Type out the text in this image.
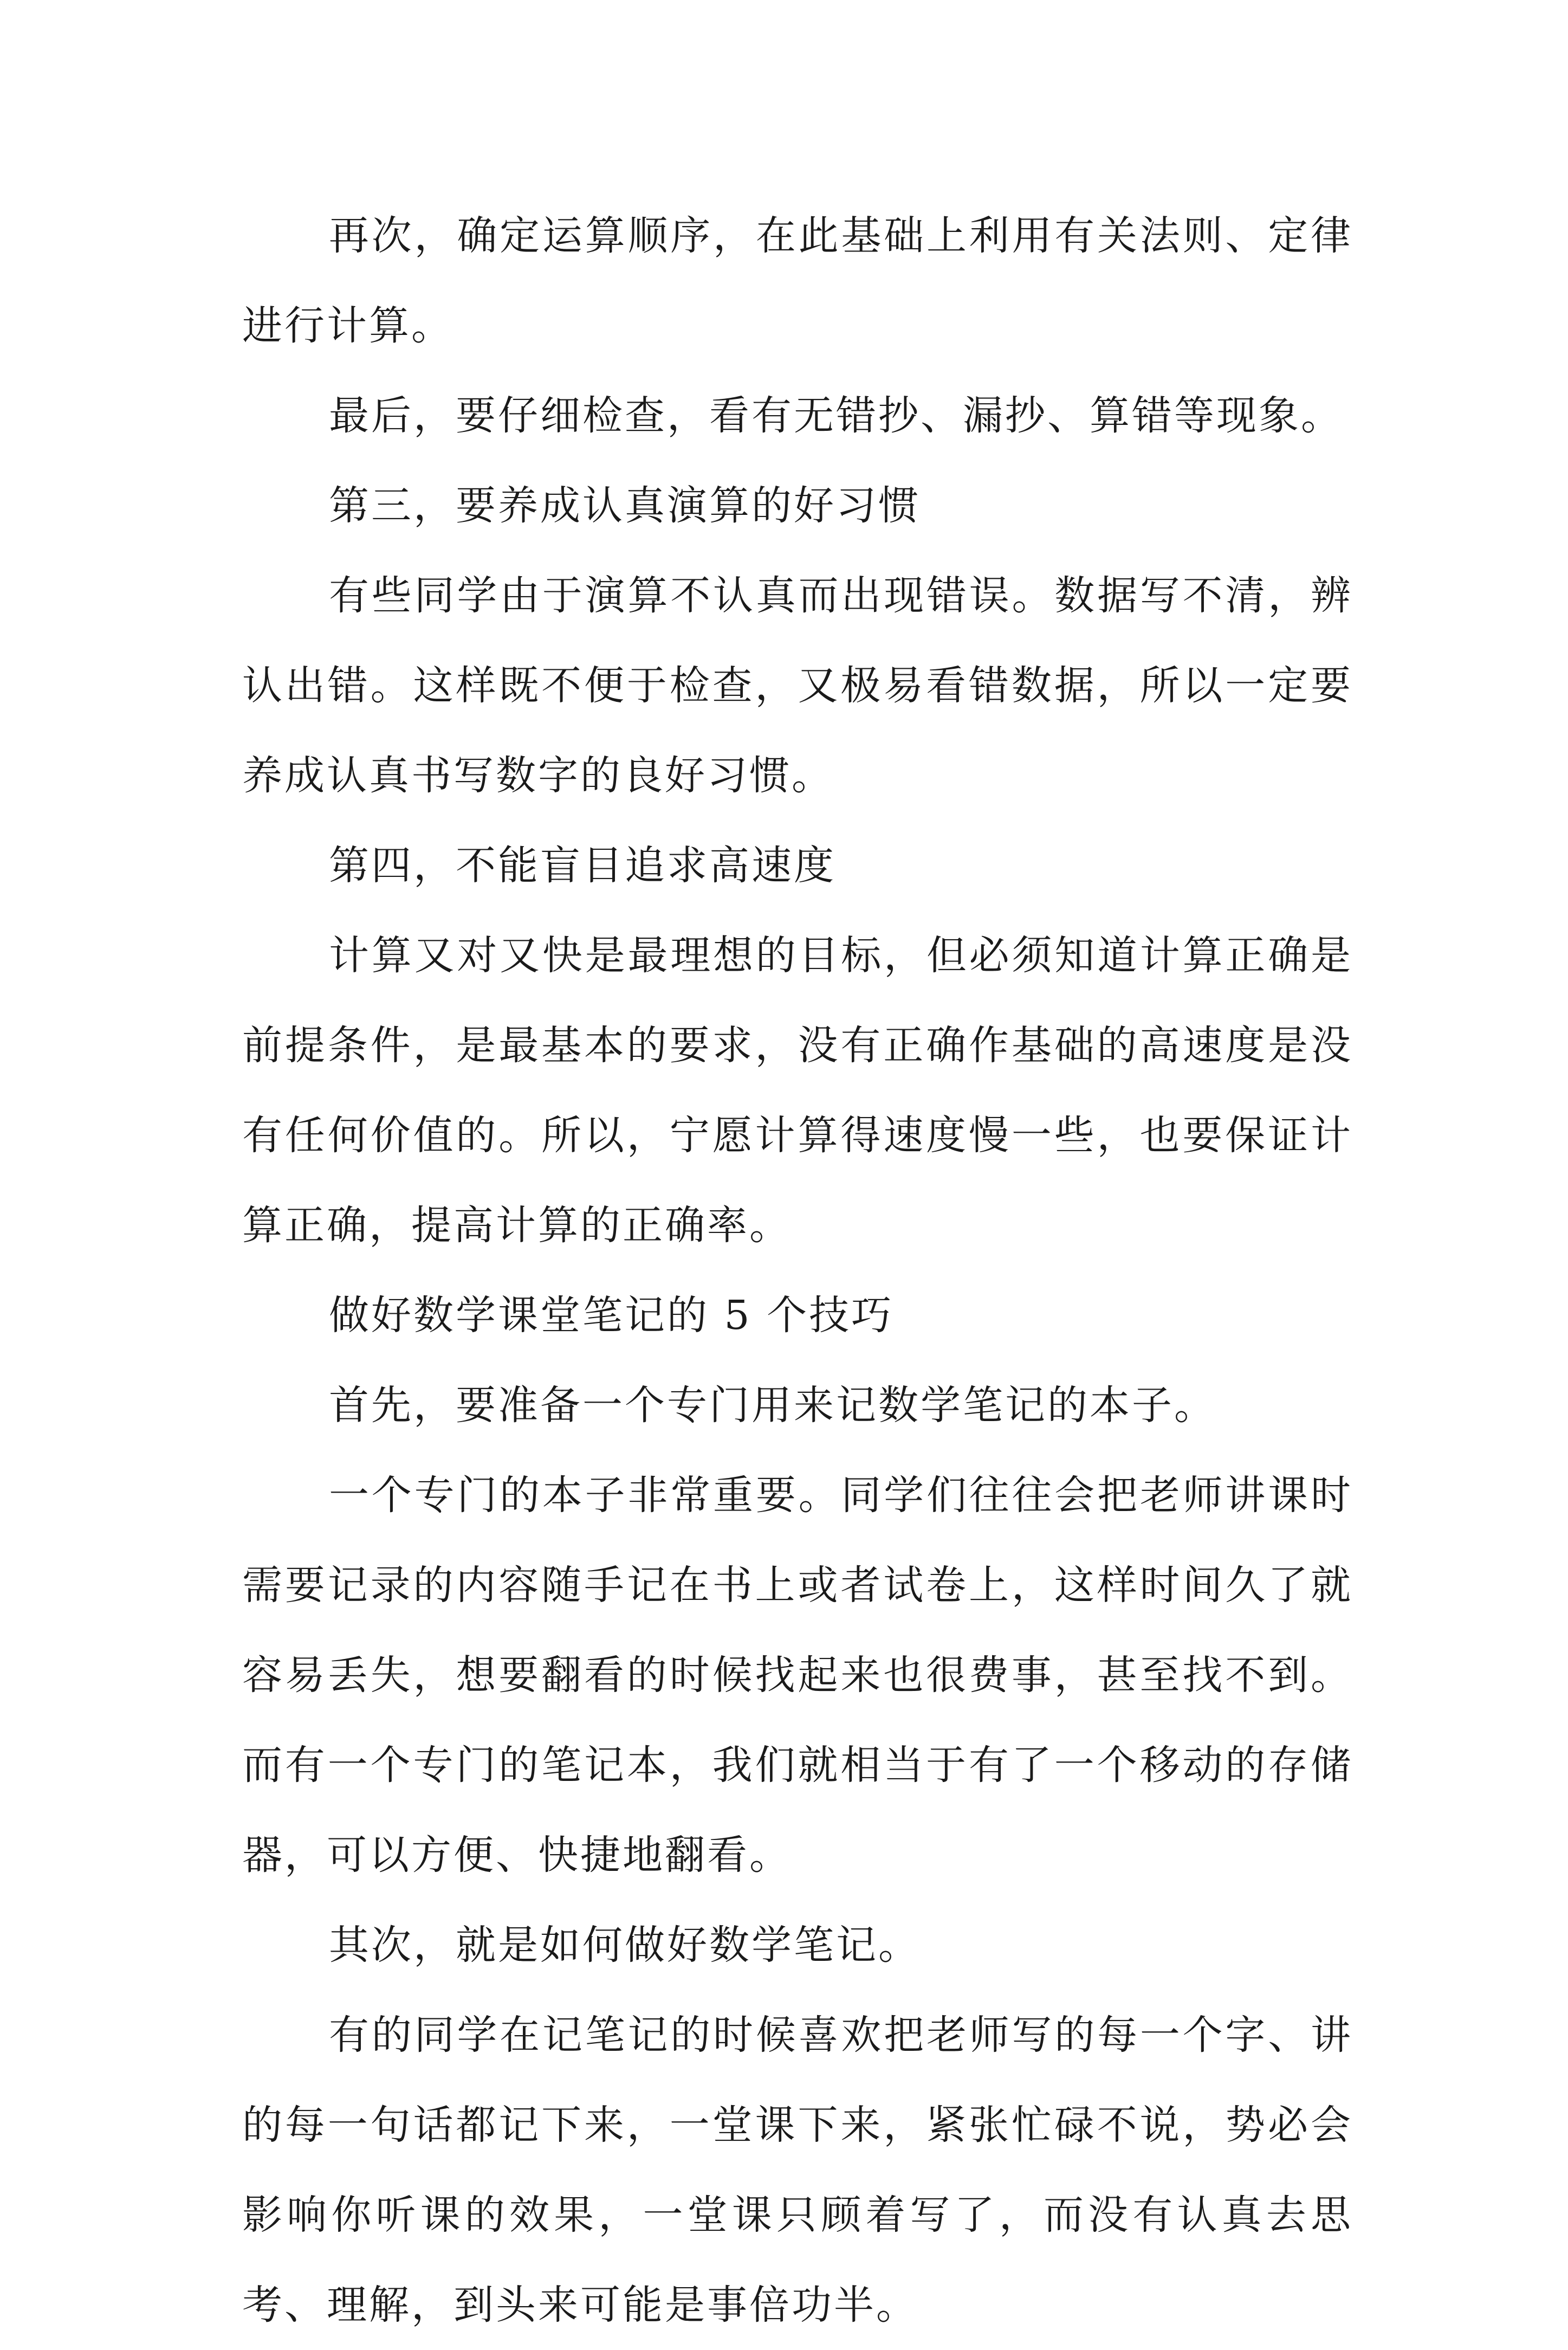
再次，确定运算顺序，在此基础上利用有关法则、定律进行计算。

最后，要仔细检查，看有无错抄、漏抄、算错等现象。

第三，要养成认真演算的好习惯

有些同学由于演算不认真而出现错误。数据写不清，辨认出错。这样既不便于检查，又极易看错数据，所以一定要养成认真书写数字的良好习惯。

第四，不能盲目追求高速度

计算又对又快是最理想的目标，但必须知道计算正确是前提条件，是最基本的要求，没有正确作基础的高速度是没有任何价值的。所以，宁愿计算得速度慢一些，也要保证计算正确，提高计算的正确率。

做好数学课堂笔记的 5 个技巧

首先，要准备一个专门用来记数学笔记的本子。

一个专门的本子非常重要。同学们往往会把老师讲课时需要记录的内容随手记在书上或者试卷上，这样时间久了就容易丢失，想要翻看的时候找起来也很费事，甚至找不到。而有一个专门的笔记本，我们就相当于有了一个移动的存储器，可以方便、快捷地翻看。

其次，就是如何做好数学笔记。

有的同学在记笔记的时候喜欢把老师写的每一个字、讲的每一句话都记下来，一堂课下来，紧张忙碌不说，势必会影响你听课的效果，一堂课只顾着写了，而没有认真去思考、理解，到头来可能是事倍功半。
